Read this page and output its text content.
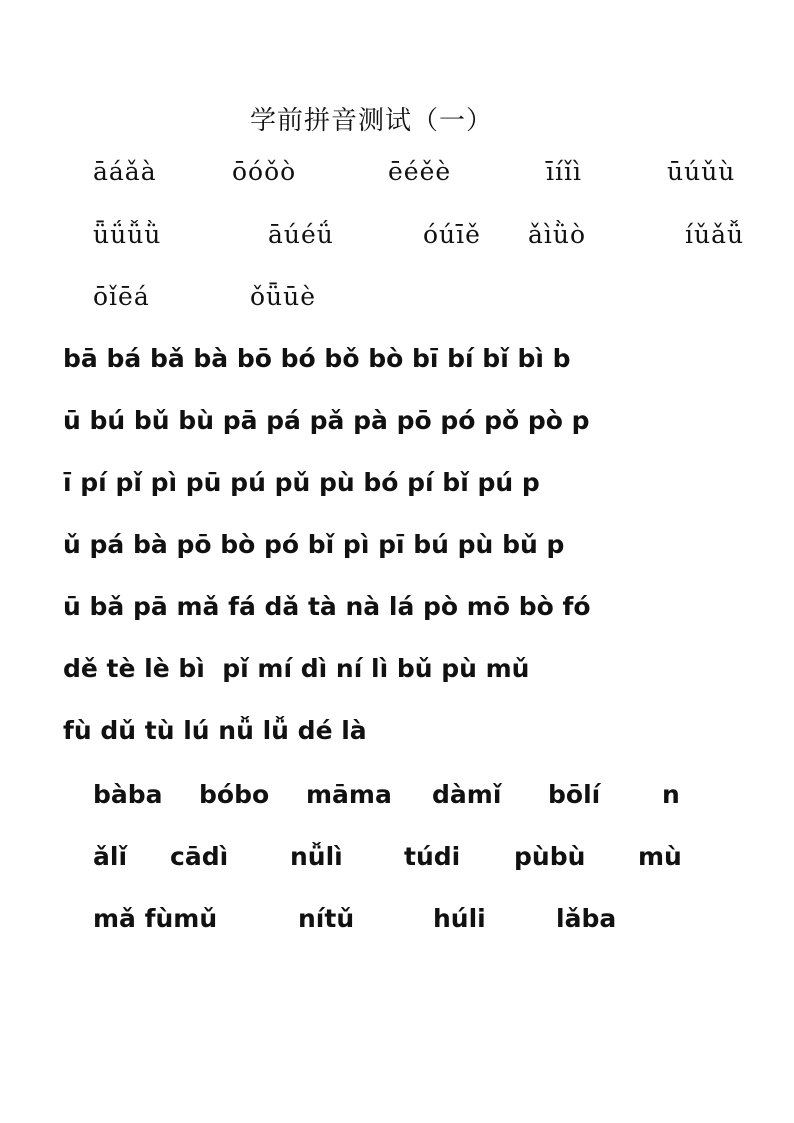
学前拼音测试（一）
āáǎà	ōóǒò	ēéěè	īíǐì	ūúǔù
ǖǘǚǜ	āúéǘ	óúīě ǎìǜò	íǔǎǚ
ōǐēá	ǒǖūè
bā bá bǎ bà bō bó bǒ bò bī bí bǐ bì b
ū bú bǔ bù pā pá pǎ pà pō pó pǒ pò p
ī pí pǐ pì pū pú pǔ pù bó pí bǐ pú p
ǔ pá bà pō bò pó bǐ pì pī bú pù bǔ p
ū bǎ pā mǎ fá dǎ tà nà lá pò mō bò fó
dě tè lè bì  pǐ mí dì ní lì bǔ pù mǔ
fù dǔ tù lú nǚ lǚ dé là
bàba bóbo māma dàmǐ bōlí n
ǎlǐ cādì nǚlì túdi pùbù mù
mǎ fùmǔ	nítǔ	húli	lǎba
